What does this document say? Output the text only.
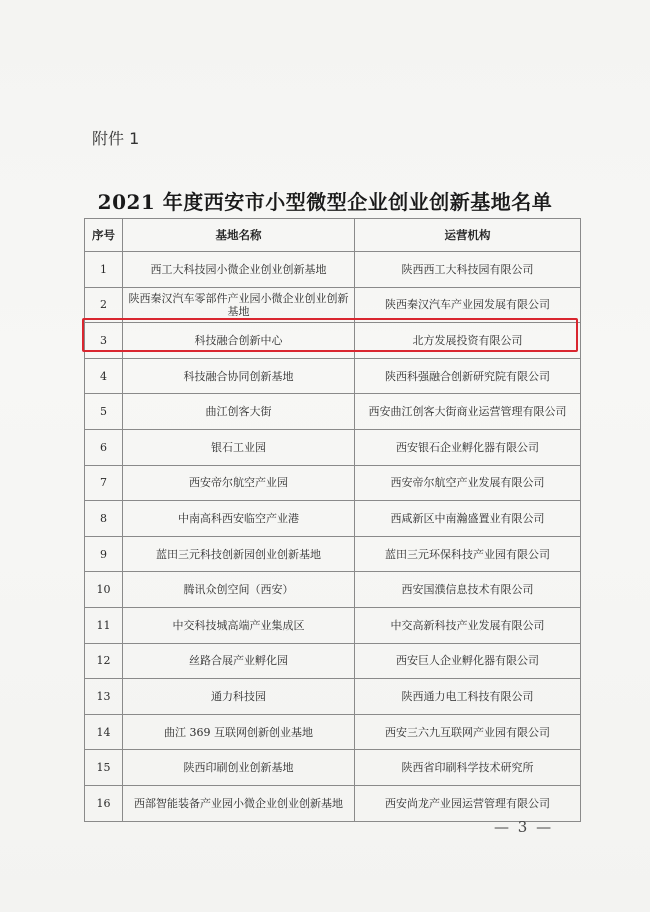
附件 1
2021 年度西安市小型微型企业创业创新基地名单
序号	基地名称	运营机构
1	西工大科技园小微企业创业创新基地	陕西西工大科技园有限公司
2	陕西秦汉汽车零部件产业园小微企业创业创新基地	陕西秦汉汽车产业园发展有限公司
3	科技融合创新中心	北方发展投资有限公司
4	科技融合协同创新基地	陕西科强融合创新研究院有限公司
5	曲江创客大街	西安曲江创客大街商业运营管理有限公司
6	银石工业园	西安银石企业孵化器有限公司
7	西安帝尔航空产业园	西安帝尔航空产业发展有限公司
8	中南高科西安临空产业港	西咸新区中南瀚盛置业有限公司
9	蓝田三元科技创新园创业创新基地	蓝田三元环保科技产业园有限公司
10	腾讯众创空间（西安）	西安国濮信息技术有限公司
11	中交科技城高端产业集成区	中交高新科技产业发展有限公司
12	丝路合展产业孵化园	西安巨人企业孵化器有限公司
13	通力科技园	陕西通力电工科技有限公司
14	曲江 369 互联网创新创业基地	西安三六九互联网产业园有限公司
15	陕西印刷创业创新基地	陕西省印刷科学技术研究所
16	西部智能装备产业园小微企业创业创新基地	西安尚龙产业园运营管理有限公司
— 3 —
